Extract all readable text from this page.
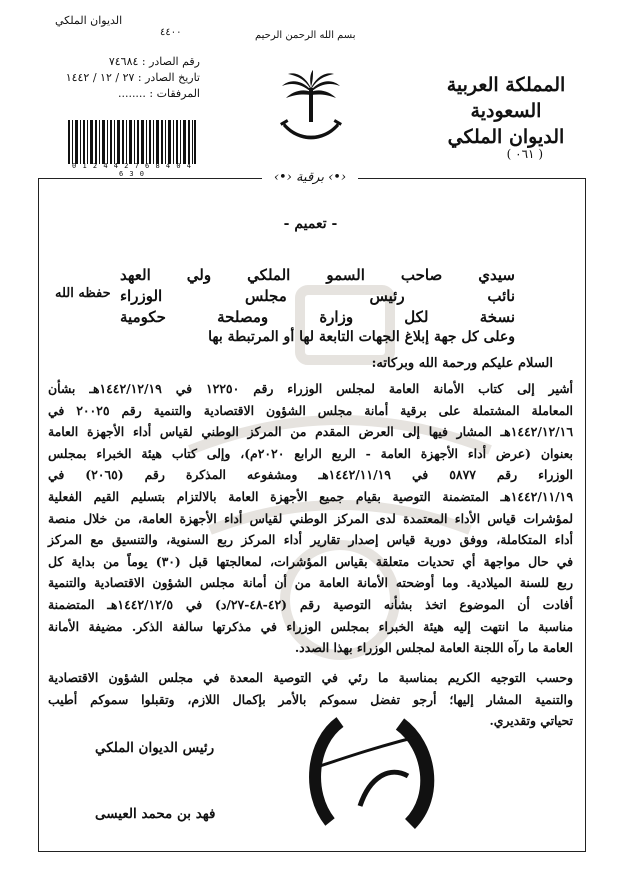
بسم الله الرحمن الرحيم
الديوان الملكي
٤٤٠٠
رقم الصادر : ٧٤٦٨٤
تاريخ الصادر : ٢٧ / ١٢ / ١٤٤٢
المرفقات : ........	المملكة العربية السعودية
الديوان الملكي
( ٠٦١ )
0 1 2 4 4 2 7 6 8 4 0 4 6 3 0	‹•› برقية ‹•›
- تعميم -
سيدي صاحب السمو الملكي ولي العهد
نائب رئيس مجلس الوزراء
نسخة لكل وزارة ومصلحة حكومية
وعلى كل جهة إبلاغ الجهات التابعة لها أو المرتبطة بها
حفظه الله
السلام عليكم ورحمة الله وبركاته:
أشير إلى كتاب الأمانة العامة لمجلس الوزراء رقم ١٢٢٥٠ في ١٤٤٢/١٢/١٩هـ بشأن
المعاملة المشتملة على برقية أمانة مجلس الشؤون الاقتصادية والتنمية رقم ٢٠٠٢٥ في
١٤٤٢/١٢/١٦هـ المشار فيها إلى العرض المقدم من المركز الوطني لقياس أداء الأجهزة العامة
بعنوان (عرض أداء الأجهزة العامة - الربع الرابع ٢٠٢٠م)، وإلى كتاب هيئة الخبراء بمجلس
الوزراء رقم ٥٨٧٧ في ١٤٤٢/١١/١٩هـ ومشفوعه المذكرة رقم (٢٠٦٥) في
١٤٤٢/١١/١٩هـ المتضمنة التوصية بقيام جميع الأجهزة العامة بالالتزام بتسليم القيم الفعلية
لمؤشرات قياس الأداء المعتمدة لدى المركز الوطني لقياس أداء الأجهزة العامة، من خلال منصة
أداء المتكاملة، ووفق دورية قياس إصدار تقارير أداء المركز ربع السنوية، والتنسيق مع المركز
في حال مواجهة أي تحديات متعلقة بقياس المؤشرات، لمعالجتها قبل (٣٠) يوماً من بداية كل
ربع للسنة الميلادية. وما أوضحته الأمانة العامة من أن أمانة مجلس الشؤون الاقتصادية والتنمية
أفادت أن الموضوع اتخذ بشأنه التوصية رقم (٤٢-٤٨-٢٧/د) في ١٤٤٢/١٢/٥هـ المتضمنة
مناسبة ما انتهت إليه هيئة الخبراء بمجلس الوزراء في مذكرتها سالفة الذكر. مضيفة الأمانة
العامة ما رآه اللجنة العامة لمجلس الوزراء بهذا الصدد.
وحسب التوجيه الكريم بمناسبة ما رئي في التوصية المعدة في مجلس الشؤون الاقتصادية
والتنمية المشار إليها؛ أرجو تفضل سموكم بالأمر بإكمال اللازم، وتقبلوا سموكم أطيب
تحياتي وتقديري.
رئيس الديوان الملكي
فهد بن محمد العيسى
